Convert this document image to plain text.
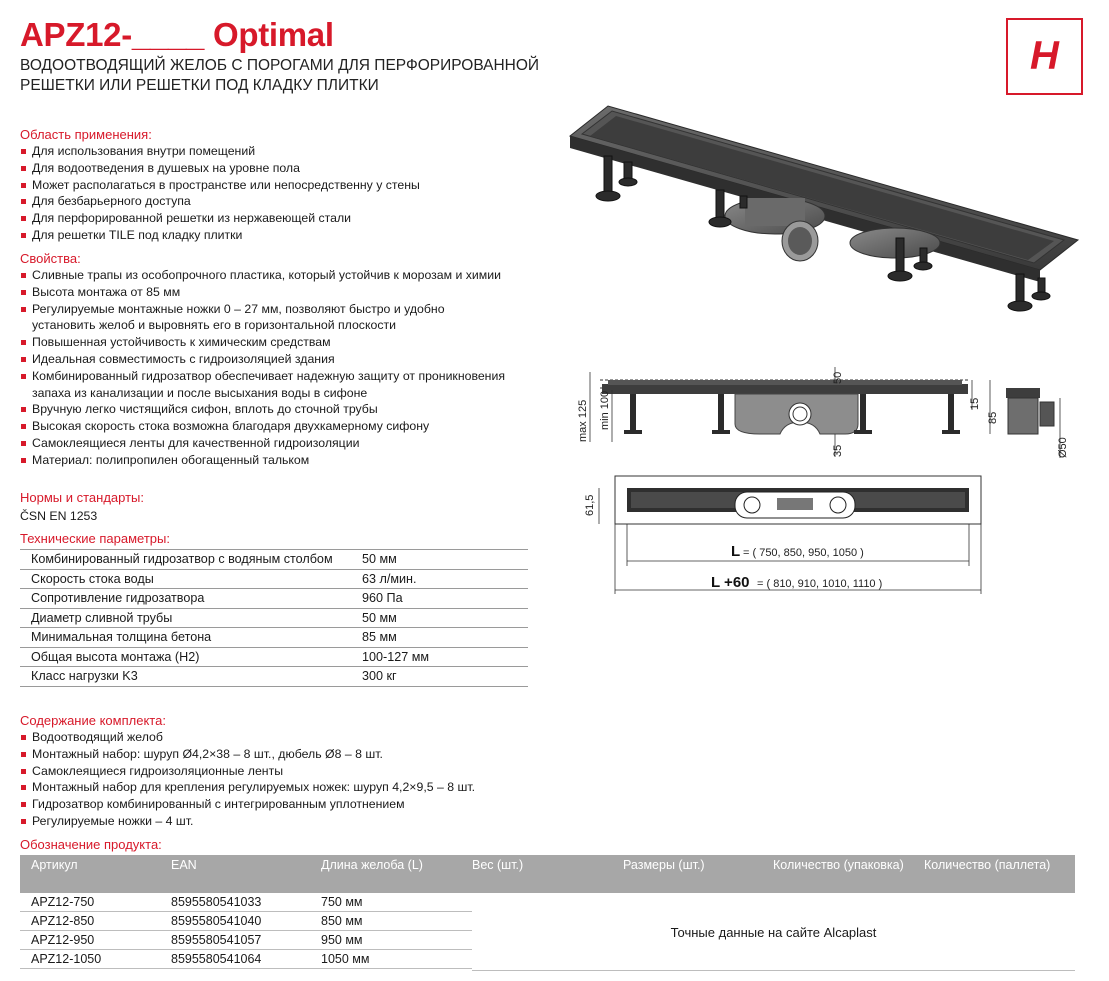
APZ12-____ Optimal
ВОДООТВОДЯЩИЙ ЖЕЛОБ С ПОРОГАМИ ДЛЯ ПЕРФОРИРОВАННОЙ РЕШЕТКИ ИЛИ РЕШЕТКИ ПОД КЛАДКУ ПЛИТКИ
H
Область применения:
Для использования внутри помещений
Для водоотведения в душевых на уровне пола
Может располагаться в пространстве или непосредственну у стены
Для безбарьерного доступа
Для перфорированной решетки из нержавеющей стали
Для решетки TILE под кладку плитки
Свойства:
Сливные трапы из особопрочного пластика, который устойчив к морозам и химии
Высота монтажа от 85 мм
Регулируемые монтажные ножки 0 – 27 мм, позволяют быстро и удобно установить желоб и выровнять его в горизонтальной плоскости
Повышенная устойчивость к химическим средствам
Идеальная совместимость с гидроизоляцией здания
Комбинированный гидрозатвор обеспечивает надежную защиту от проникновения запаха из канализации и после высыхания воды в сифоне
Вручную легко чистящийся сифон, вплоть до сточной трубы
Высокая скорость стока возможна благодаря двухкамерному сифону
Самоклеящиеся ленты для качественной гидроизоляции
Материал: полипропилен обогащенный тальком
Нормы и стандарты:
ČSN EN 1253
Технические параметры:
Комбинированный гидрозатвор с водяным столбом	50 мм
Скорость стока воды	63 л/мин.
Сопротивление гидрозатвора	960 Па
Диаметр сливной трубы	50 мм
Минимальная толщина бетона	85 мм
Общая высота монтажа (H2)	100-127 мм
Класс нагрузки K3	300 кг
Содержание комплекта:
Водоотводящий желоб
Монтажный набор: шуруп Ø4,2×38 – 8 шт., дюбель Ø8 – 8 шт.
Самоклеящиеся гидроизоляционные ленты
Монтажный набор для крепления регулируемых ножек: шуруп 4,2×9,5 – 8 шт.
Гидрозатвор комбинированный с интегрированным уплотнением
Регулируемые ножки – 4 шт.
Обозначение продукта:
Артикул	EAN	Длина желоба (L)	Вес (шт.)	Размеры (шт.)	Количество (упаковка)	Количество (паллета)
APZ12-750	8595580541033	750 мм
APZ12-850	8595580541040	850 мм
APZ12-950	8595580541057	950 мм
APZ12-1050	8595580541064	1050 мм
Точные данные на сайте Alcaplast
max 125 min 100
50
35
15
85
Ø50
61,5
L = ( 750, 850, 950, 1050 )
L +60 = ( 810, 910, 1010, 1110 )
